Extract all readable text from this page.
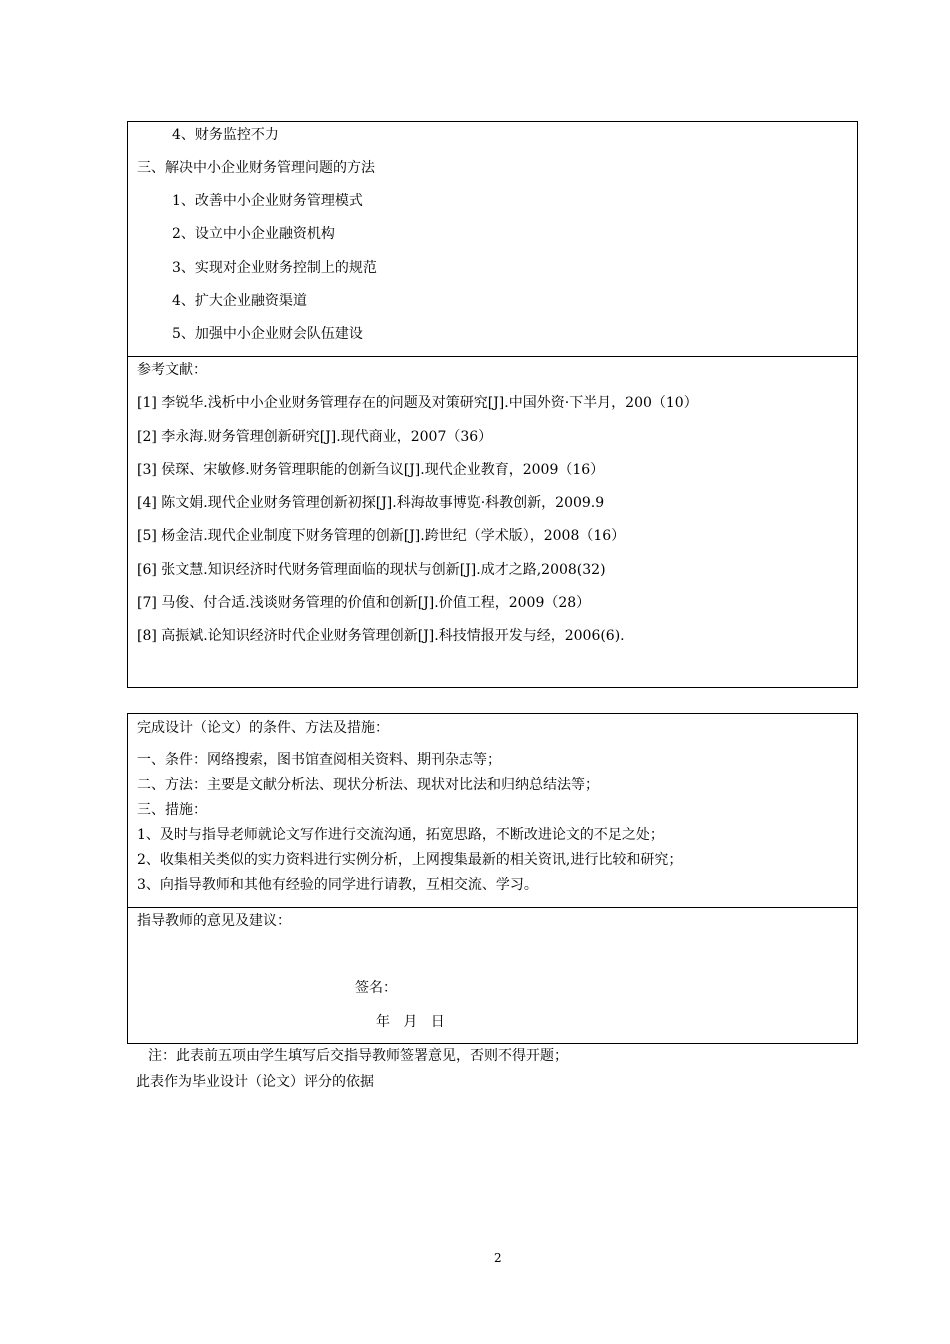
4、财务监控不力
三、解决中小企业财务管理问题的方法
1、改善中小企业财务管理模式
2、设立中小企业融资机构
3、实现对企业财务控制上的规范
4、扩大企业融资渠道
5、加强中小企业财会队伍建设
参考文献：
[1] 李锐华.浅析中小企业财务管理存在的问题及对策研究[J].中国外资·下半月，200（10）
[2] 李永海.财务管理创新研究[J].现代商业，2007（36）
[3] 侯琛、宋敏修.财务管理职能的创新刍议[J].现代企业教育，2009（16）
[4] 陈文娟.现代企业财务管理创新初探[J].科海故事博览·科教创新，2009.9
[5] 杨金洁.现代企业制度下财务管理的创新[J].跨世纪（学术版），2008（16）
[6] 张文慧.知识经济时代财务管理面临的现状与创新[J].成才之路,2008(32)
[7] 马俊、付合适.浅谈财务管理的价值和创新[J].价值工程，2009（28）
[8] 高振斌.论知识经济时代企业财务管理创新[J].科技情报开发与经，2006(6).
完成设计（论文）的条件、方法及措施：
一、条件：网络搜索，图书馆查阅相关资料、期刊杂志等；
二、方法：主要是文献分析法、现状分析法、现状对比法和归纳总结法等；
三、措施：
1、及时与指导老师就论文写作进行交流沟通，拓宽思路，不断改进论文的不足之处；
2、收集相关类似的实力资料进行实例分析，上网搜集最新的相关资讯,进行比较和研究；
3、向指导教师和其他有经验的同学进行请教，互相交流、学习。
指导教师的意见及建议：
签名：
年   月   日
注：此表前五项由学生填写后交指导教师签署意见，否则不得开题；
此表作为毕业设计（论文）评分的依据
2
